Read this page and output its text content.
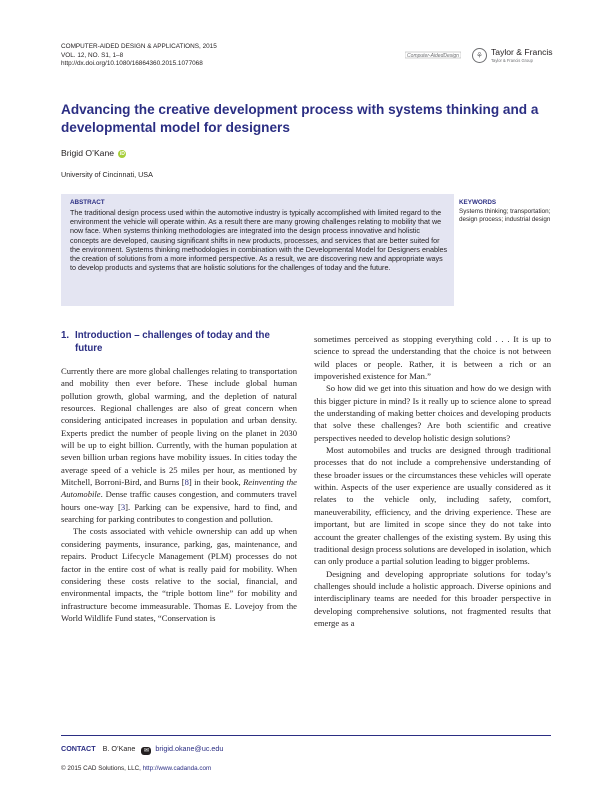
COMPUTER-AIDED DESIGN & APPLICATIONS, 2015
VOL. 12, NO. S1, 1–8
http://dx.doi.org/10.1080/16864360.2015.1077068
Computer-AidedDesign	⚘ Taylor & Francis
Taylor & Francis Group
Advancing the creative development process with systems thinking and a developmental model for designers
Brigid O’Kane iD
University of Cincinnati, USA
ABSTRACT
The traditional design process used within the automotive industry is typically accomplished with limited regard to the environment the vehicle will operate within. As a result there are many growing challenges relating to mobility that we now face. When systems thinking methodologies are integrated into the design process innovative and holistic concepts are developed, causing significant shifts in new products, processes, and services that are better suited for the environment. Systems thinking methodologies in combination with the Developmental Model for Designers enables the creation of solutions from a more informed perspective. As a result, we are discovering new and appropriate ways to develop products and systems that are holistic solutions for the challenges of today and the future.
KEYWORDS
Systems thinking; transportation; design process; industrial design
1. Introduction – challenges of today and the future

Currently there are more global challenges relating to transportation and mobility then ever before. These include global human pollution growth, global warming, and the depletion of natural resources. Regional challenges are also of great concern when considering anticipated increases in population and urban density. Experts predict the number of people living on the planet in 2030 will be up to eight billion. Currently, with the human population at seven billion urban regions have mobility issues. In cities today the average speed of a vehicle is 25 miles per hour, as mentioned by Mitchell, Borroni-Bird, and Burns [8] in their book, Reinventing the Automobile. Dense traffic causes congestion, and commuters travel hours one-way [3]. Parking can be expensive, hard to find, and searching for parking contributes to congestion and pollution.

The costs associated with vehicle ownership can add up when considering payments, insurance, parking, gas, maintenance, and repairs. Product Lifecycle Management (PLM) processes do not factor in the entire cost of what is really paid for mobility. When considering these costs relative to the social, financial, and environmental impacts, the “triple bottom line” for mobility and infrastructure become immeasurable. Thomas E. Lovejoy from the World Wildlife Fund states, “Conservation is

sometimes perceived as stopping everything cold . . . It is up to science to spread the understanding that the choice is not between wild places or people. Rather, it is between a rich or an impoverished existence for Man.”

So how did we get into this situation and how do we design with this bigger picture in mind? Is it really up to science alone to spread the understanding of making better choices and developing products that solve these challenges? Are both scientific and creative perspectives needed to develop holistic design solutions?

Most automobiles and trucks are designed through traditional processes that do not include a comprehensive understanding of these broader issues or the circumstances these vehicles will operate within. Aspects of the user experience are usually considered as it relates to the vehicle only, including safety, comfort, maneuverability, efficiency, and the driving experience. These are important, but are limited in scope since they do not take into account the greater challenges of the existing system. By using this traditional design process solutions are developed in isolation, which can only produce a partial solution leading to bigger problems.

Designing and developing appropriate solutions for today’s challenges should include a holistic approach. Diverse opinions and interdisciplinary teams are needed for this broader perspective in developing comprehensive solutions, not fragmented results that emerge as a

CONTACT B. O’Kane ✉ brigid.okane@uc.edu
© 2015 CAD Solutions, LLC, http://www.cadanda.com
